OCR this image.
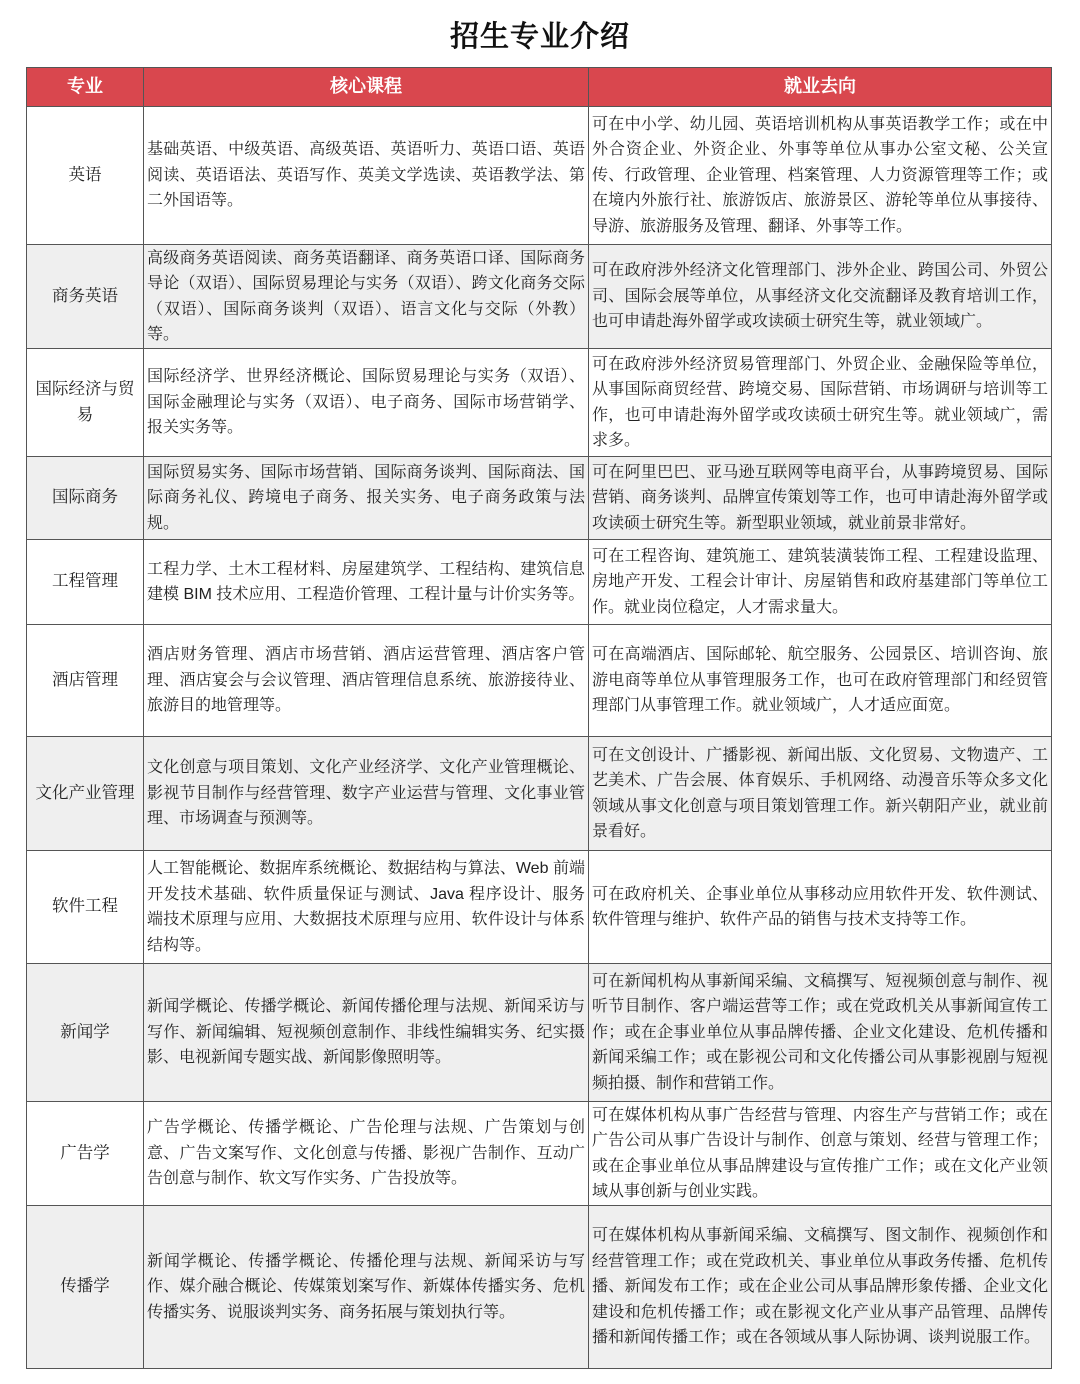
招生专业介绍
专业	核心课程	就业去向
英语	基础英语、中级英语、高级英语、英语听力、英语口语、英语阅读、英语语法、英语写作、英美文学选读、英语教学法、第二外国语等。	可在中小学、幼儿园、英语培训机构从事英语教学工作；或在中外合资企业、外资企业、外事等单位从事办公室文秘、公关宣传、行政管理、企业管理、档案管理、人力资源管理等工作；或在境内外旅行社、旅游饭店、旅游景区、游轮等单位从事接待、导游、旅游服务及管理、翻译、外事等工作。
商务英语	高级商务英语阅读、商务英语翻译、商务英语口译、国际商务导论（双语）、国际贸易理论与实务（双语）、跨文化商务交际（双语）、国际商务谈判（双语）、语言文化与交际（外教）等。	可在政府涉外经济文化管理部门、涉外企业、跨国公司、外贸公司、国际会展等单位，从事经济文化交流翻译及教育培训工作，也可申请赴海外留学或攻读硕士研究生等，就业领域广。
国际经济与贸易	国际经济学、世界经济概论、国际贸易理论与实务（双语）、国际金融理论与实务（双语）、电子商务、国际市场营销学、报关实务等。	可在政府涉外经济贸易管理部门、外贸企业、金融保险等单位，从事国际商贸经营、跨境交易、国际营销、市场调研与培训等工作，也可申请赴海外留学或攻读硕士研究生等。就业领域广，需求多。
国际商务	国际贸易实务、国际市场营销、国际商务谈判、国际商法、国际商务礼仪、跨境电子商务、报关实务、电子商务政策与法规。	可在阿里巴巴、亚马逊互联网等电商平台，从事跨境贸易、国际营销、商务谈判、品牌宣传策划等工作，也可申请赴海外留学或攻读硕士研究生等。新型职业领域，就业前景非常好。
工程管理	工程力学、土木工程材料、房屋建筑学、工程结构、建筑信息建模 BIM 技术应用、工程造价管理、工程计量与计价实务等。	可在工程咨询、建筑施工、建筑装潢装饰工程、工程建设监理、房地产开发、工程会计审计、房屋销售和政府基建部门等单位工作。就业岗位稳定，人才需求量大。
酒店管理	酒店财务管理、酒店市场营销、酒店运营管理、酒店客户管理、酒店宴会与会议管理、酒店管理信息系统、旅游接待业、旅游目的地管理等。	可在高端酒店、国际邮轮、航空服务、公园景区、培训咨询、旅游电商等单位从事管理服务工作，也可在政府管理部门和经贸管理部门从事管理工作。就业领域广，人才适应面宽。
文化产业管理	文化创意与项目策划、文化产业经济学、文化产业管理概论、影视节目制作与经营管理、数字产业运营与管理、文化事业管理、市场调查与预测等。	可在文创设计、广播影视、新闻出版、文化贸易、文物遗产、工艺美术、广告会展、体育娱乐、手机网络、动漫音乐等众多文化领域从事文化创意与项目策划管理工作。新兴朝阳产业，就业前景看好。
软件工程	人工智能概论、数据库系统概论、数据结构与算法、Web 前端开发技术基础、软件质量保证与测试、Java 程序设计、服务端技术原理与应用、大数据技术原理与应用、软件设计与体系结构等。	可在政府机关、企事业单位从事移动应用软件开发、软件测试、软件管理与维护、软件产品的销售与技术支持等工作。
新闻学	新闻学概论、传播学概论、新闻传播伦理与法规、新闻采访与写作、新闻编辑、短视频创意制作、非线性编辑实务、纪实摄影、电视新闻专题实战、新闻影像照明等。	可在新闻机构从事新闻采编、文稿撰写、短视频创意与制作、视听节目制作、客户端运营等工作；或在党政机关从事新闻宣传工作；或在企事业单位从事品牌传播、企业文化建设、危机传播和新闻采编工作；或在影视公司和文化传播公司从事影视剧与短视频拍摄、制作和营销工作。
广告学	广告学概论、传播学概论、广告伦理与法规、广告策划与创意、广告文案写作、文化创意与传播、影视广告制作、互动广告创意与制作、软文写作实务、广告投放等。	可在媒体机构从事广告经营与管理、内容生产与营销工作；或在广告公司从事广告设计与制作、创意与策划、经营与管理工作；或在企事业单位从事品牌建设与宣传推广工作；或在文化产业领域从事创新与创业实践。
传播学	新闻学概论、传播学概论、传播伦理与法规、新闻采访与写作、媒介融合概论、传媒策划案写作、新媒体传播实务、危机传播实务、说服谈判实务、商务拓展与策划执行等。	可在媒体机构从事新闻采编、文稿撰写、图文制作、视频创作和经营管理工作；或在党政机关、事业单位从事政务传播、危机传播、新闻发布工作；或在企业公司从事品牌形象传播、企业文化建设和危机传播工作；或在影视文化产业从事产品管理、品牌传播和新闻传播工作；或在各领域从事人际协调、谈判说服工作。
